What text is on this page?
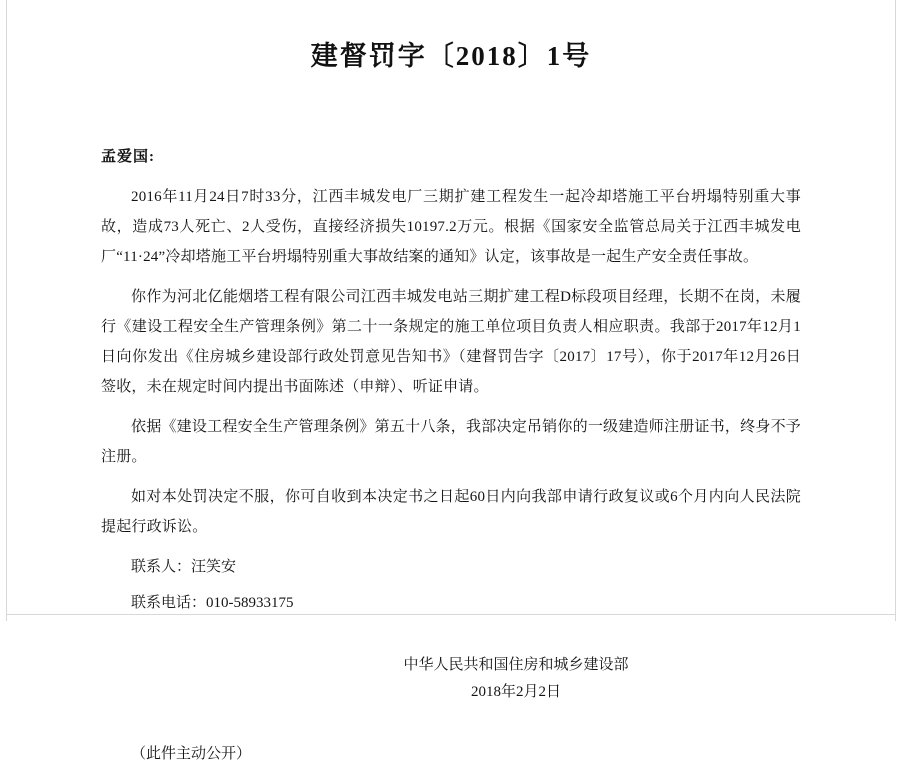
建督罚字〔2018〕1号
孟爱国:

2016年11月24日7时33分，江西丰城发电厂三期扩建工程发生一起冷却塔施工平台坍塌特别重大事故，造成73人死亡、2人受伤，直接经济损失10197.2万元。根据《国家安全监管总局关于江西丰城发电厂“11·24”冷却塔施工平台坍塌特别重大事故结案的通知》认定，该事故是一起生产安全责任事故。

你作为河北亿能烟塔工程有限公司江西丰城发电站三期扩建工程D标段项目经理，长期不在岗，未履行《建设工程安全生产管理条例》第二十一条规定的施工单位项目负责人相应职责。我部于2017年12月1日向你发出《住房城乡建设部行政处罚意见告知书》（建督罚告字〔2017〕17号），你于2017年12月26日签收，未在规定时间内提出书面陈述（申辩）、听证申请。

依据《建设工程安全生产管理条例》第五十八条，我部决定吊销你的一级建造师注册证书，终身不予注册。

如对本处罚决定不服，你可自收到本决定书之日起60日内向我部申请行政复议或6个月内向人民法院提起行政诉讼。

联系人：汪笑安

联系电话：010-58933175

中华人民共和国住房和城乡建设部
2018年2月2日
（此件主动公开）
